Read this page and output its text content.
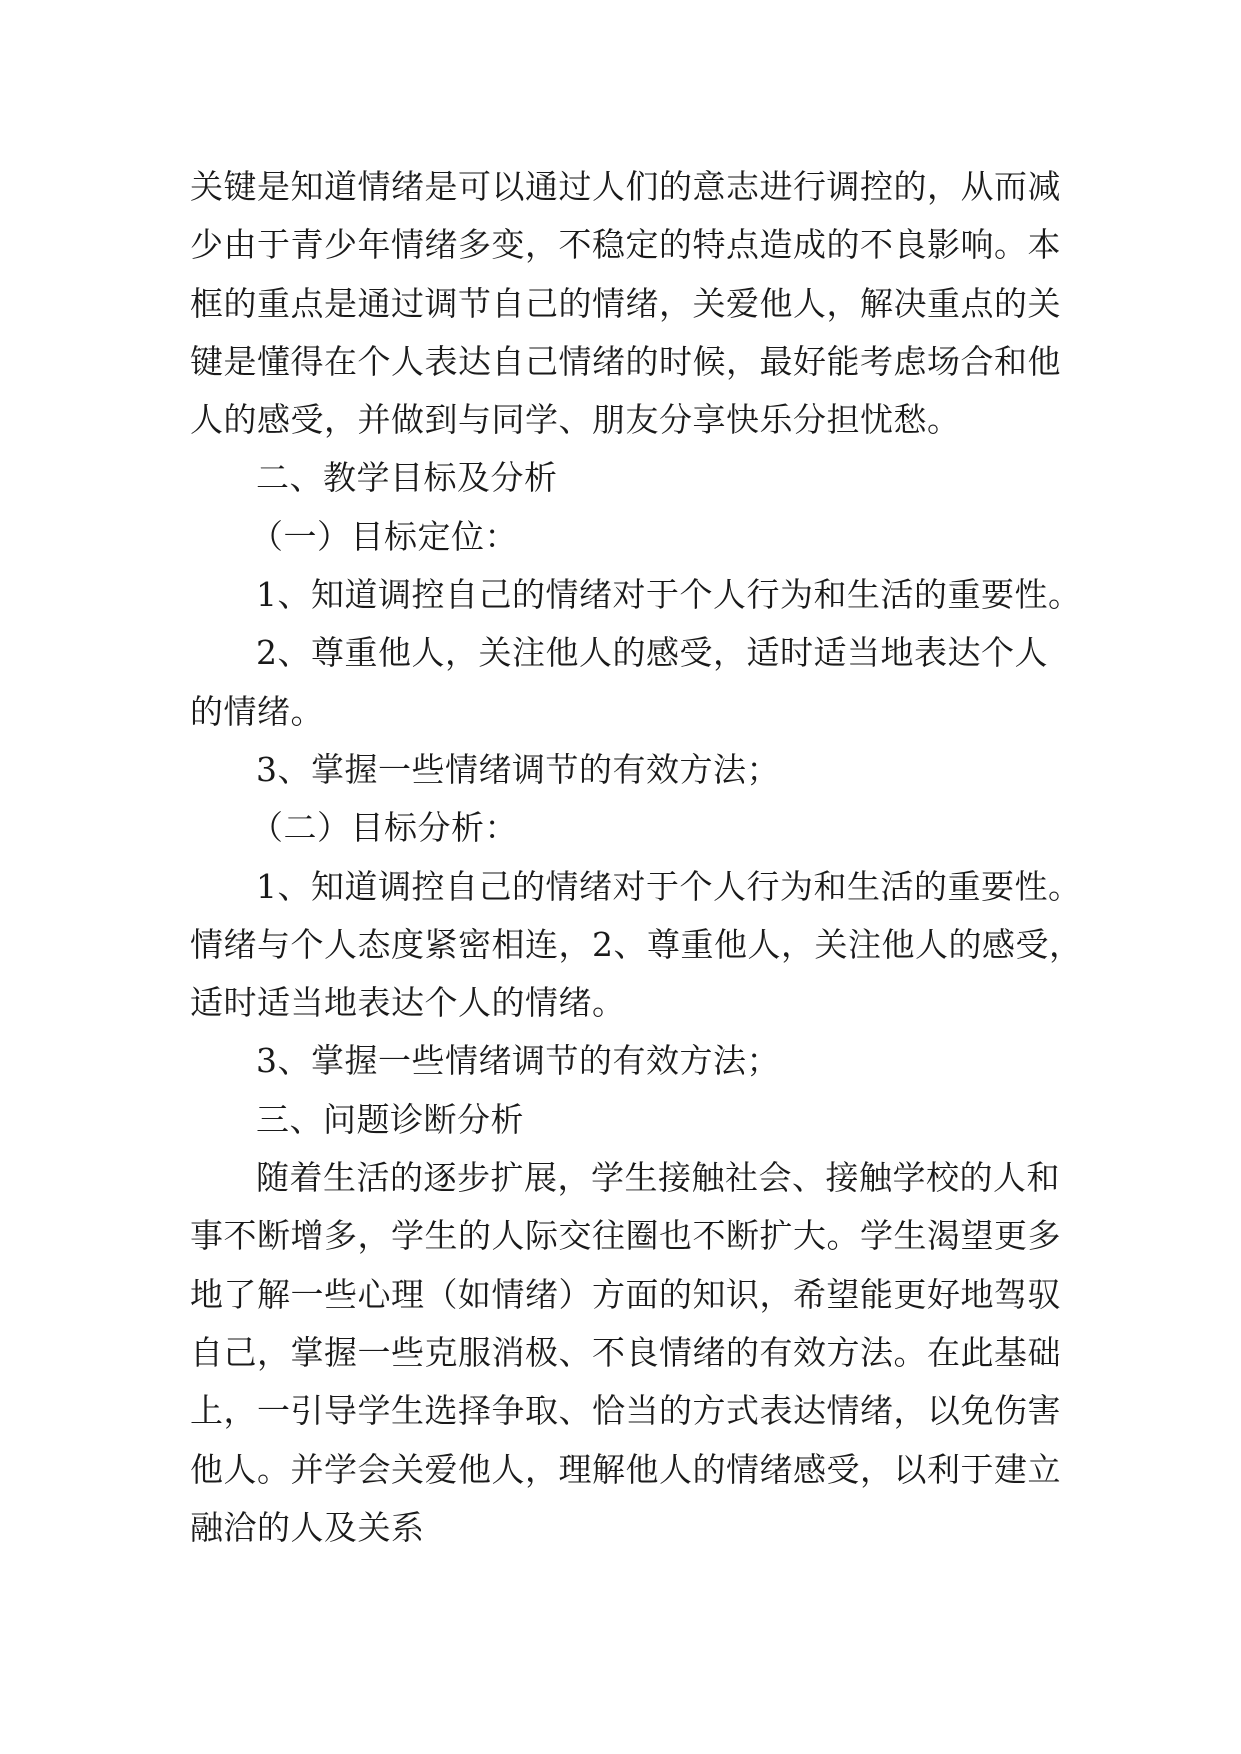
关键是知道情绪是可以通过人们的意志进行调控的，从而减
少由于青少年情绪多变，不稳定的特点造成的不良影响。本
框的重点是通过调节自己的情绪，关爱他人，解决重点的关
键是懂得在个人表达自己情绪的时候，最好能考虑场合和他
人的感受，并做到与同学、朋友分享快乐分担忧愁。
二、教学目标及分析
（一）目标定位：
1、知道调控自己的情绪对于个人行为和生活的重要性。
2、尊重他人，关注他人的感受，适时适当地表达个人
的情绪。
3、掌握一些情绪调节的有效方法；
（二）目标分析：
1、知道调控自己的情绪对于个人行为和生活的重要性。
情绪与个人态度紧密相连，2、尊重他人，关注他人的感受，
适时适当地表达个人的情绪。
3、掌握一些情绪调节的有效方法；
三、问题诊断分析
随着生活的逐步扩展，学生接触社会、接触学校的人和
事不断增多，学生的人际交往圈也不断扩大。学生渴望更多
地了解一些心理（如情绪）方面的知识，希望能更好地驾驭
自己，掌握一些克服消极、不良情绪的有效方法。在此基础
上，一引导学生选择争取、恰当的方式表达情绪，以免伤害
他人。并学会关爱他人，理解他人的情绪感受，以利于建立
融洽的人及关系
